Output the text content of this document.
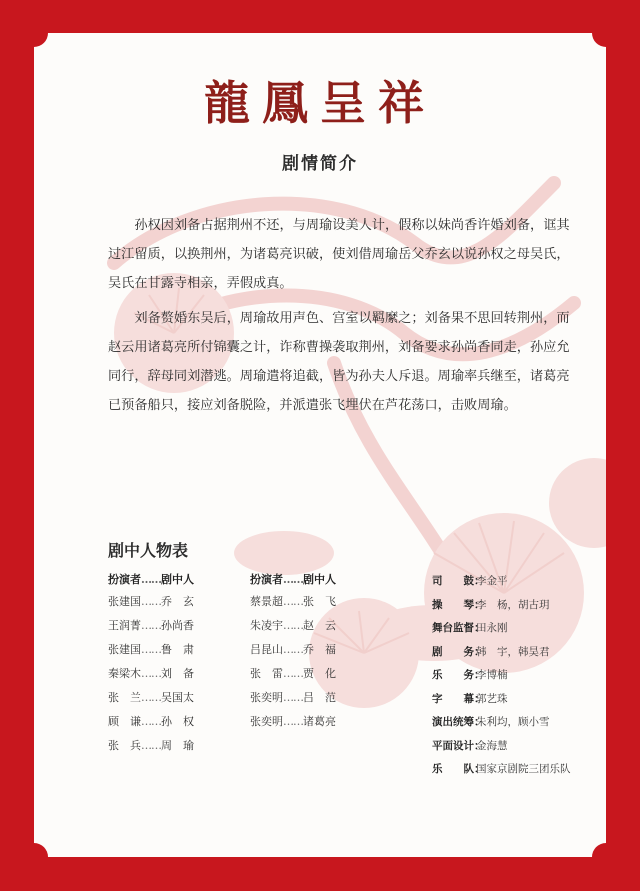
龍鳳呈祥
剧情简介

孙权因刘备占据荆州不还，与周瑜设美人计，假称以妹尚香许婚刘备，诓其过江留质，以换荆州，为诸葛亮识破，使刘借周瑜岳父乔玄以说孙权之母吴氏，吴氏在甘露寺相亲，弄假成真。

刘备赘婚东吴后，周瑜故用声色、宫室以羁縻之；刘备果不思回转荆州，而赵云用诸葛亮所付锦囊之计，诈称曹操袭取荆州，刘备要求孙尚香同走，孙应允同行，辞母同刘潜逃。周瑜遣将追截，皆为孙夫人斥退。周瑜率兵继至，诸葛亮已预备船只，接应刘备脱险，并派遣张飞埋伏在芦花荡口，击败周瑜。

剧中人物表
扮演者……剧中人
张建国……乔　玄
王润菁……孙尚香
张建国……鲁　肃
秦梁木……刘　备
张　兰……吴国太
顾　谦……孙　权
张　兵……周　瑜
扮演者……剧中人
蔡景超……张　飞
朱凌宇……赵　云
吕昆山……乔　福
张　雷……贾　化
张奕明……吕　范
张奕明……诸葛亮
司　　鼓：李金平
操　　琴：李　杨，胡古玥
舞台监督：田永刚
剧　　务：韩　宇，韩昊君
乐　　务：李博楠
字　　幕：郭艺珠
演出统筹：朱利均，顾小雪
平面设计：金海慧
乐　　队：国家京剧院三团乐队
